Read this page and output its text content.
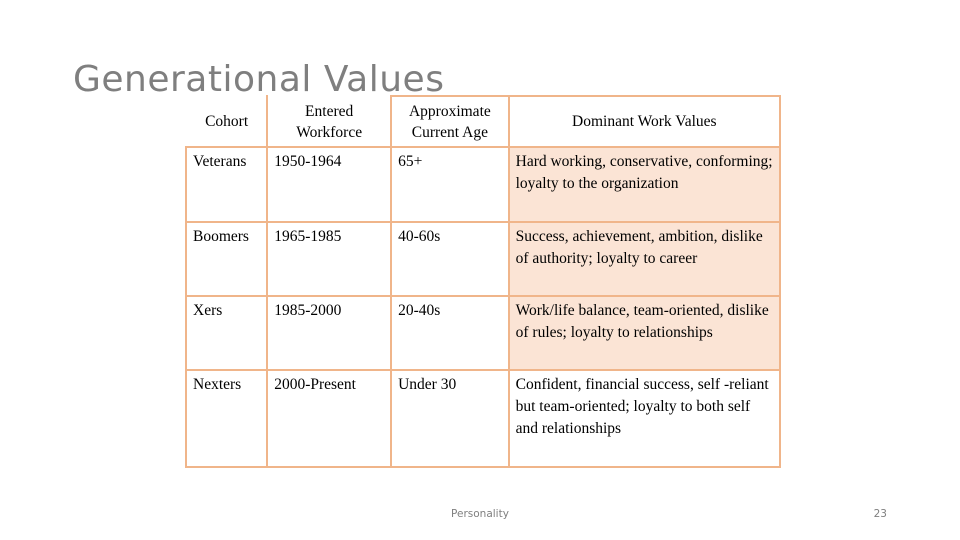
Generational Values
Cohort	Entered Workforce	Approximate Current Age	Dominant Work Values
Veterans	1950-1964	65+	Hard working, conservative, conforming; loyalty to the organization
Boomers	1965-1985	40-60s	Success, achievement, ambition, dislike of authority; loyalty to career
Xers	1985-2000	20-40s	Work/life balance, team-oriented, dislike of rules; loyalty to relationships
Nexters	2000-Present	Under 30	Confident, financial success, self -reliant but team-oriented; loyalty to both self and relationships
Personality	23
